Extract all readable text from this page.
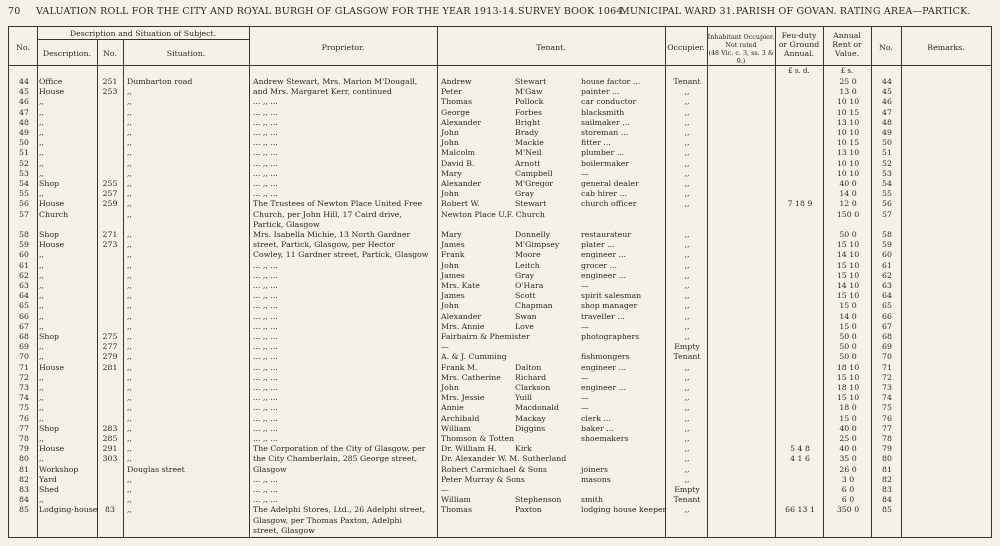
70 VALUATION ROLL FOR THE CITY AND ROYAL BURGH OF GLASGOW FOR THE YEAR 1913-14. SURVEY BOOK 1064.
MUNICIPAL WARD 31. PARISH OF GOVAN. RATING AREA—PARTICK.
No.
Description and Situation of Subject.
Description.	No.	Situation.
Proprietor.	Tenant.	Occupier.
Inhabitant Occupier.
Not rated
(48 Vic. c. 3, ss. 3 & 9.)
Feu-duty
or Ground
Annual.
Annual
Rent or
Value.
No.	Remarks.
£ s. d.	£ s.
44	Office	251	Dumbarton road	Andrew Stewart, Mrs. Marion M'Dougall,	Andrew	Stewart	house factor ...	Tenant	25 0	44
45	House	253	,,	and Mrs. Margaret Kerr, continued	Peter	M'Gaw	painter ...	,,	13 0	45
46	,,	,,	... ,, ...	Thomas	Pollock	car conductor	,,	10 10	46
47	,,	,,	... ,, ...	George	Forbes	blacksmith	,,	10 15	47
48	,,	,,	... ,, ...	Alexander	Bright	sailmaker ...	,,	13 10	48
49	,,	,,	... ,, ...	John	Brady	storeman ...	,,	10 10	49
50	,,	,,	... ,, ...	John	Mackie	fitter ...	,,	10 15	50
51	,,	,,	... ,, ...	Malcolm	M'Neil	plumber ...	,,	13 10	51
52	,,	,,	... ,, ...	David B.	Arnott	boilermaker	,,	10 10	52
53	,,	,,	... ,, ...	Mary	Campbell	—	,,	10 10	53
54	Shop	255	,,	... ,, ...	Alexander	M'Gregor	general dealer	,,	40 0	54
55	,,	257	,,	... ,, ...	John	Gray	cab hirer ...	,,	14 0	55
56	House	259	,,	The Trustees of Newton Place United Free	Robert W.	Stewart	church officer	,,	7 18 9	12 0	56
57	Church	,,	Church, per John Hill, 17 Caird drive,	Newton Place U.F. Church	150 0	57
Partick, Glasgow
58	Shop	271	,,	Mrs. Isabella Michie, 13 North Gardner	Mary	Donnelly	restaurateur	,,	50 0	58
59	House	273	,,	street, Partick, Glasgow, per Hector	James	M'Gimpsey	plater ...	,,	15 10	59
60	,,	,,	Cowley, 11 Gardner street, Partick, Glasgow	Frank	Moore	engineer ...	,,	14 10	60
61	,,	,,	... ,, ...	John	Leitch	grocer ...	,,	15 10	61
62	,,	,,	... ,, ...	James	Gray	engineer ...	,,	15 10	62
63	,,	,,	... ,, ...	Mrs. Kate	O'Hara	—	,,	14 10	63
64	,,	,,	... ,, ...	James	Scott	spirit salesman	,,	15 10	64
65	,,	,,	... ,, ...	John	Chapman	shop manager	,,	15 0	65
66	,,	,,	... ,, ...	Alexander	Swan	traveller ...	,,	14 0	66
67	,,	,,	... ,, ...	Mrs. Annie	Love	—	,,	15 0	67
68	Shop	275	,,	... ,, ...	Fairbairn & Phemister	photographers	,,	50 0	68
69	,,	277	,,	... ,, ...	—	Empty	50 0	69
70	,,	279	,,	... ,, ...	A. & J. Cumming	fishmongers	Tenant	50 0	70
71	House	281	,,	... ,, ...	Frank M.	Dalton	engineer ...	,,	18 10	71
72	,,	,,	... ,, ...	Mrs. Catherine	Richard	—	,,	15 10	72
73	,,	,,	... ,, ...	John	Clarkson	engineer ...	,,	18 10	73
74	,,	,,	... ,, ...	Mrs. Jessie	Yuill	—	,,	15 10	74
75	,,	,,	... ,, ...	Annie	Macdonald	—	,,	18 0	75
76	,,	,,	... ,, ...	Archibald	Mackay	clerk ...	,,	15 0	76
77	Shop	283	,,	... ,, ...	William	Diggins	baker ...	,,	40 0	77
78	,,	285	,,	... ,, ...	Thomson & Totten	shoemakers	,,	25 0	78
79	House	291	,,	The Corporation of the City of Glasgow, per	Dr. William H.	Kirk	,,	5 4 8	40 0	79
80	,,	303	,,	the City Chamberlain, 285 George street,	Dr. Alexander W. M. Sutherland	,,	4 1 6	35 0	80
81	Workshop	Douglas street	Glasgow	Robert Carmichael & Sons	joiners	,,	26 0	81
82	Yard	,,	... ,, ...	Peter Murray & Sons	masons	,,	3 0	82
83	Shed	,,	... ,, ...	—	Empty	6 0	83
84	,,	,,	... ,, ...	William	Stephenson	smith	Tenant	6 0	84
85	Lodging-house 83	,,	The Adelphi Stores, Ltd., 26 Adelphi street,	Thomas	Paxton	lodging house keeper	,,	66 13 1	350 0	85
Glasgow, per Thomas Paxton, Adelphi
street, Glasgow
